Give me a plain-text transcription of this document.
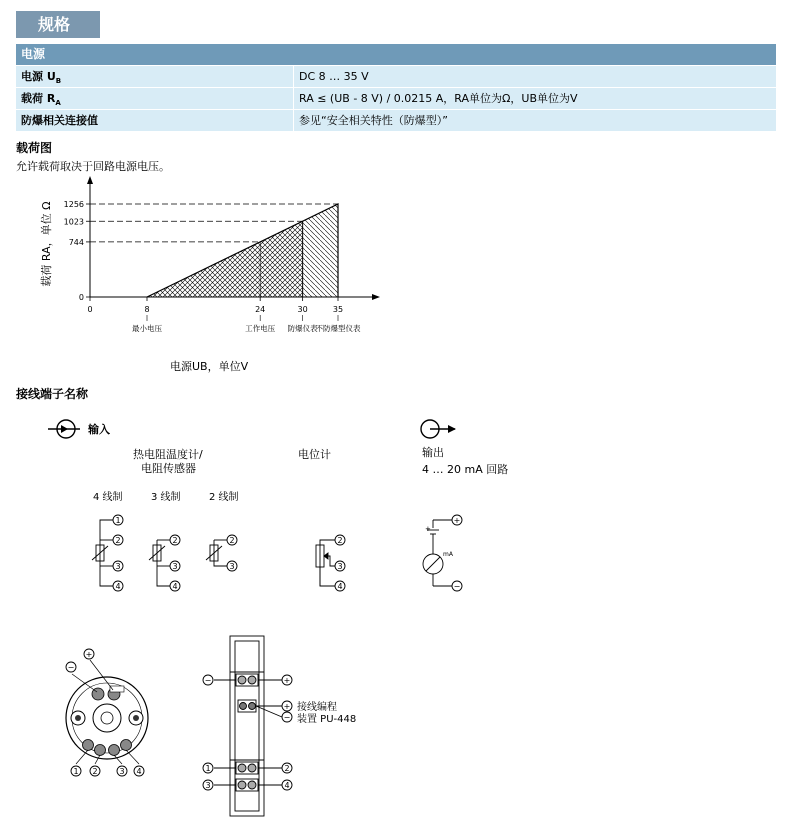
规格
电源
电源 $U_B$	DC 8 … 35 V
载荷 $R_A$	RA ≤ (UB - 8 V) / 0.0215 A，RA单位为Ω，UB单位为V
防爆相关连接值	参见“安全相关特性（防爆型）”
载荷图
允许载荷取决于回路电源电压。
0
744
1023
1256
0	8
最小电压
24
工作电压
30
防爆仪表
35
不防爆型仪表
载荷 RA，单位 Ω
电源UB，单位V
接线端子名称
输入
热电阻温度计/
电阻传感器
电位计	输出
4 … 20 mA 回路
4 线制	3 线制	2 线制
1
2
3
4
2
3
4
2
3
2
3
4
+
mA
+
−
−
+
1 2	3 4
−	+
+
−
接线编程
装置 PU-448
1	2
3	4
